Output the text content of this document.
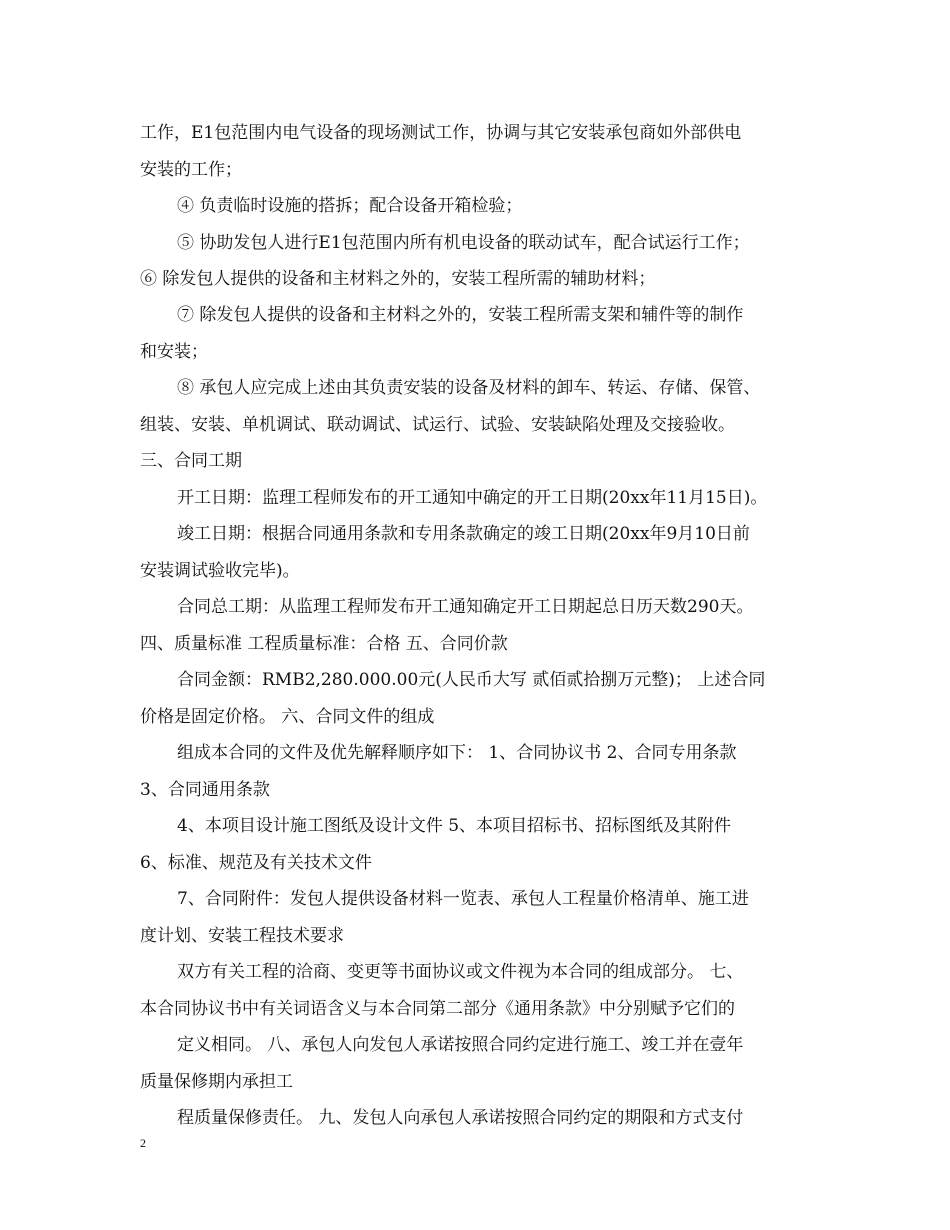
工作，E1包范围内电气设备的现场测试工作，协调与其它安装承包商如外部供电
安装的工作；
④ 负责临时设施的搭拆；配合设备开箱检验；
⑤ 协助发包人进行E1包范围内所有机电设备的联动试车，配合试运行工作；
⑥ 除发包人提供的设备和主材料之外的，安装工程所需的辅助材料；
⑦ 除发包人提供的设备和主材料之外的，安装工程所需支架和辅件等的制作
和安装；
⑧ 承包人应完成上述由其负责安装的设备及材料的卸车、转运、存储、保管、
组装、安装、单机调试、联动调试、试运行、试验、安装缺陷处理及交接验收。
三、合同工期
开工日期：监理工程师发布的开工通知中确定的开工日期(20xx年11月15日)。
竣工日期：根据合同通用条款和专用条款确定的竣工日期(20xx年9月10日前
安装调试验收完毕)。
合同总工期：从监理工程师发布开工通知确定开工日期起总日历天数290天。
四、质量标准 工程质量标准：合格 五、合同价款
合同金额：RMB2,280.000.00元(人民币大写 贰佰贰拾捌万元整)； 上述合同
价格是固定价格。 六、合同文件的组成
组成本合同的文件及优先解释顺序如下： 1、合同协议书 2、合同专用条款
3、合同通用条款
4、本项目设计施工图纸及设计文件 5、本项目招标书、招标图纸及其附件
6、标准、规范及有关技术文件
7、合同附件：发包人提供设备材料一览表、承包人工程量价格清单、施工进
度计划、安装工程技术要求
双方有关工程的洽商、变更等书面协议或文件视为本合同的组成部分。 七、
本合同协议书中有关词语含义与本合同第二部分《通用条款》中分别赋予它们的
定义相同。 八、承包人向发包人承诺按照合同约定进行施工、竣工并在壹年
质量保修期内承担工
程质量保修责任。 九、发包人向承包人承诺按照合同约定的期限和方式支付
2
